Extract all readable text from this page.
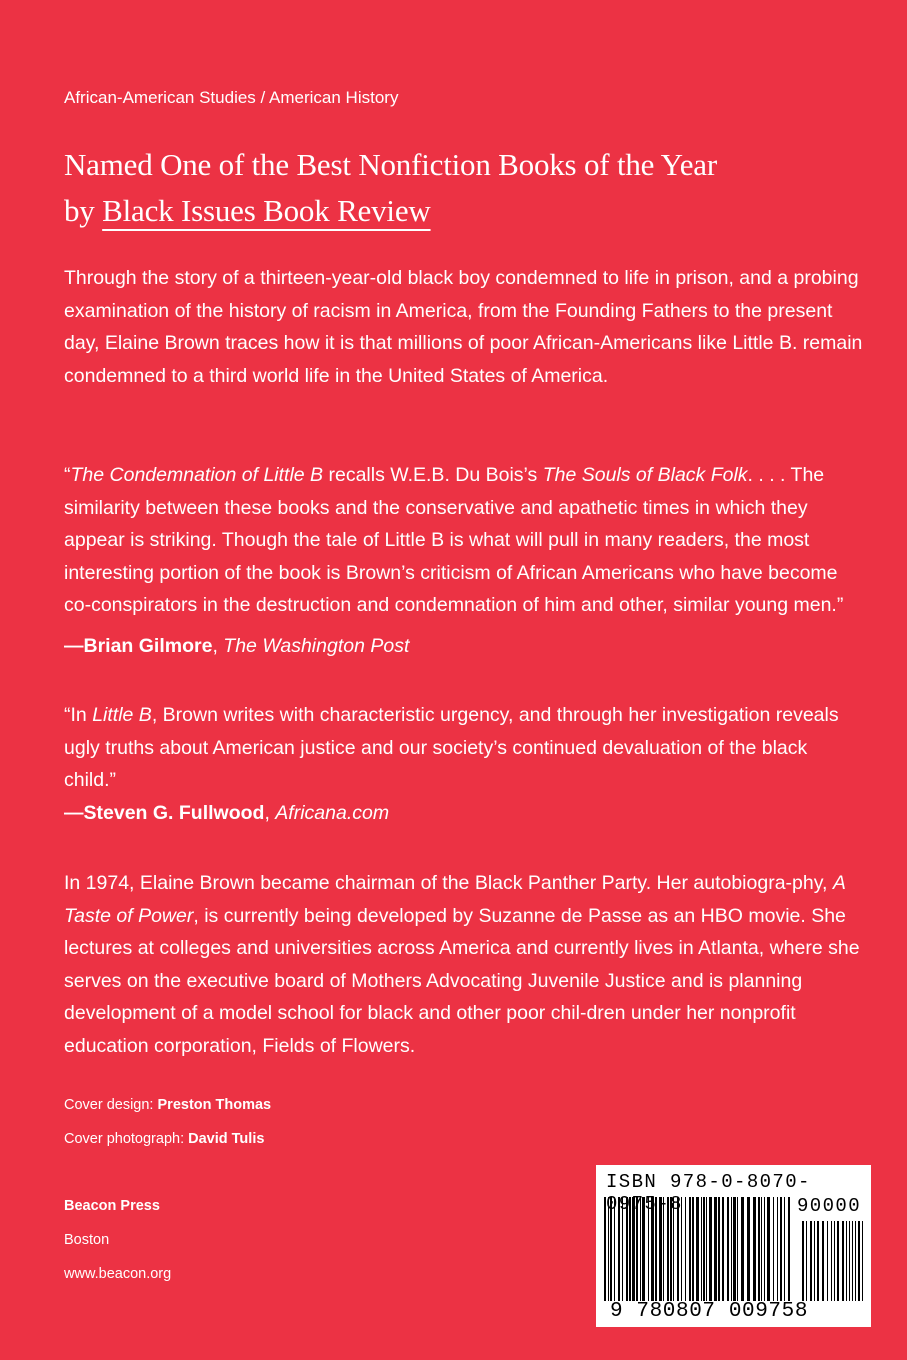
African-American Studies / American History
Named One of the Best Nonfiction Books of the Year
by Black Issues Book Review

Through the story of a thirteen-year-old black boy condemned to life in prison, and a probing examination of the history of racism in America, from the Founding Fathers to the present day, Elaine Brown traces how it is that millions of poor African-Americans like Little B. remain condemned to a third world life in the United States of America.

“The Condemnation of Little B recalls W.E.B. Du Bois’s The Souls of Black Folk. . . . The similarity between these books and the conservative and apathetic times in which they appear is striking. Though the tale of Little B is what will pull in many readers, the most interesting portion of the book is Brown’s criticism of African Americans who have become co-conspirators in the destruction and condemnation of him and other, similar young men.”

—Brian Gilmore, The Washington Post

“In Little B, Brown writes with characteristic urgency, and through her investigation reveals ugly truths about American justice and our society’s continued devaluation of the black child.”

—Steven G. Fullwood, Africana.com

In 1974, Elaine Brown became chairman of the Black Panther Party. Her autobiogra-phy, A Taste of Power, is currently being developed by Suzanne de Passe as an HBO movie. She lectures at colleges and universities across America and currently lives in Atlanta, where she serves on the executive board of Mothers Advocating Juvenile Justice and is planning development of a model school for black and other poor chil-dren under her nonprofit education corporation, Fields of Flowers.

Cover design: Preston Thomas
Cover photograph: David Tulis
Beacon Press
Boston
www.beacon.org
ISBN 978-0-8070-0975-8	90000
9 780807 009758
